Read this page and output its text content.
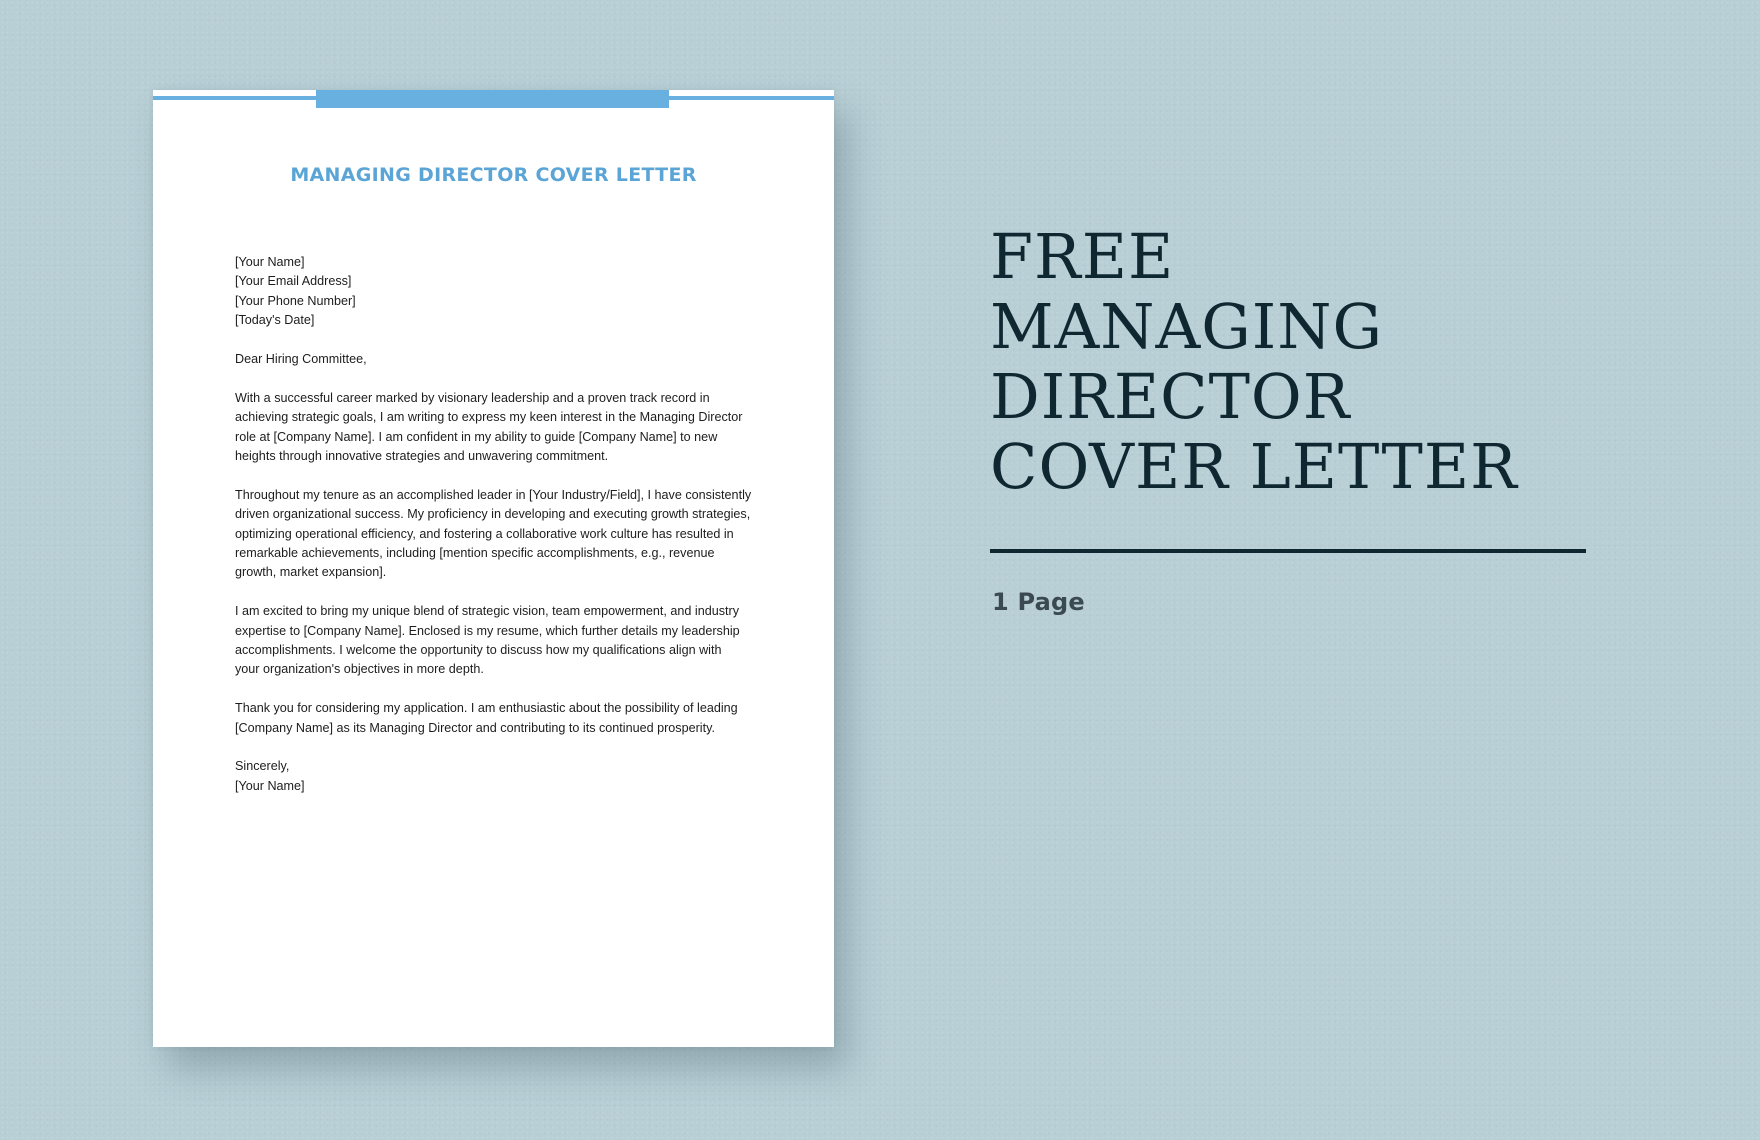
MANAGING DIRECTOR COVER LETTER

[Your Name]
[Your Email Address]
[Your Phone Number]
[Today's Date]

Dear Hiring Committee,

With a successful career marked by visionary leadership and a proven track record in
achieving strategic goals, I am writing to express my keen interest in the Managing Director
role at [Company Name]. I am confident in my ability to guide [Company Name] to new
heights through innovative strategies and unwavering commitment.

Throughout my tenure as an accomplished leader in [Your Industry/Field], I have consistently
driven organizational success. My proficiency in developing and executing growth strategies,
optimizing operational efficiency, and fostering a collaborative work culture has resulted in
remarkable achievements, including [mention specific accomplishments, e.g., revenue
growth, market expansion].

I am excited to bring my unique blend of strategic vision, team empowerment, and industry
expertise to [Company Name]. Enclosed is my resume, which further details my leadership
accomplishments. I welcome the opportunity to discuss how my qualifications align with
your organization's objectives in more depth.

Thank you for considering my application. I am enthusiastic about the possibility of leading
[Company Name] as its Managing Director and contributing to its continued prosperity.

Sincerely,
[Your Name]

FREE
MANAGING
DIRECTOR
COVER LETTER
1 Page
